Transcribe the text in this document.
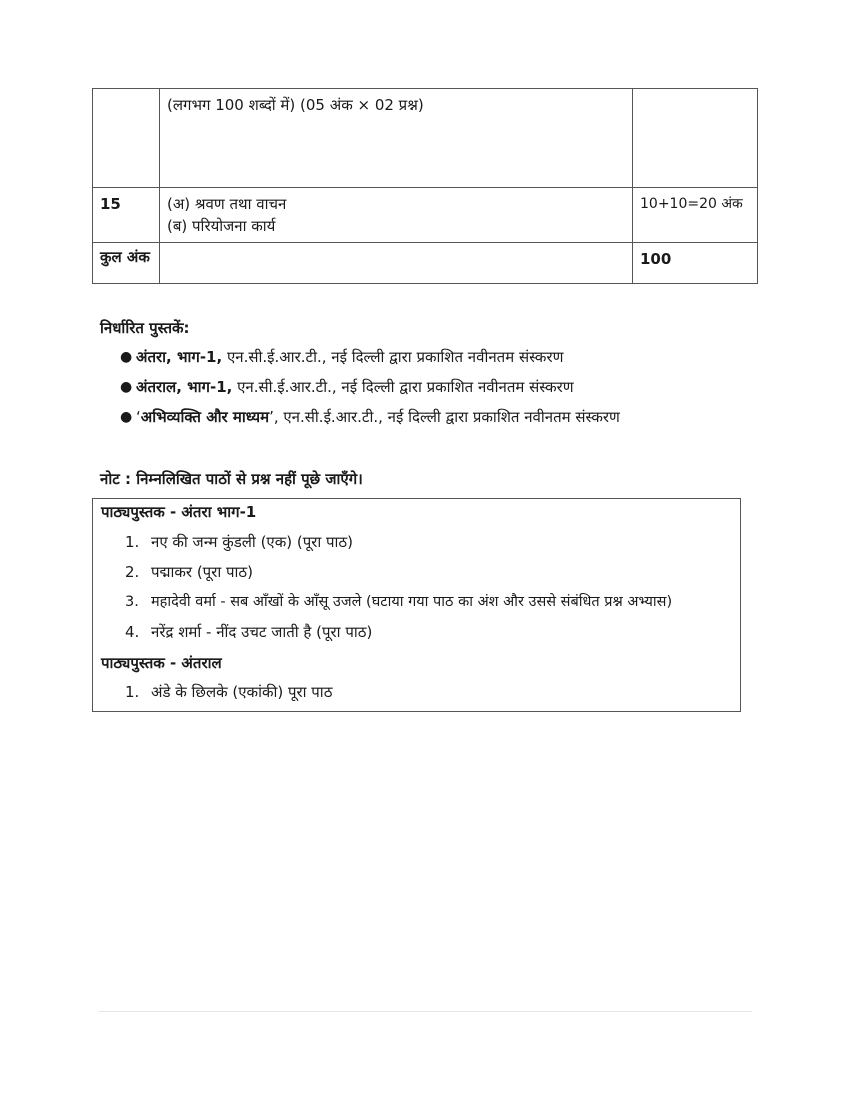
	(लगभग 100 शब्दों में) (05 अंक × 02 प्रश्न)	

15	(अ) श्रवण तथा वाचन
(ब) परियोजना कार्य	10+10=20 अंक
कुल अंक		100
निर्धारित पुस्तकें:
● अंतरा, भाग-1, एन.सी.ई.आर.टी., नई दिल्ली द्वारा प्रकाशित नवीनतम संस्करण
● अंतराल, भाग-1, एन.सी.ई.आर.टी., नई दिल्ली द्वारा प्रकाशित नवीनतम संस्करण
● ‘अभिव्यक्ति और माध्यम’, एन.सी.ई.आर.टी., नई दिल्ली द्वारा प्रकाशित नवीनतम संस्करण
नोट : निम्नलिखित पाठों से प्रश्न नहीं पूछे जाएँगे।
पाठ्यपुस्तक - अंतरा भाग-1
1. नए की जन्म कुंडली (एक) (पूरा पाठ)
2. पद्माकर (पूरा पाठ)
3. महादेवी वर्मा - सब आँखों के आँसू उजले (घटाया गया पाठ का अंश और उससे संबंधित प्रश्न अभ्यास)
4. नरेंद्र शर्मा - नींद उचट जाती है (पूरा पाठ)
पाठ्यपुस्तक - अंतराल
1. अंडे के छिलके (एकांकी) पूरा पाठ
